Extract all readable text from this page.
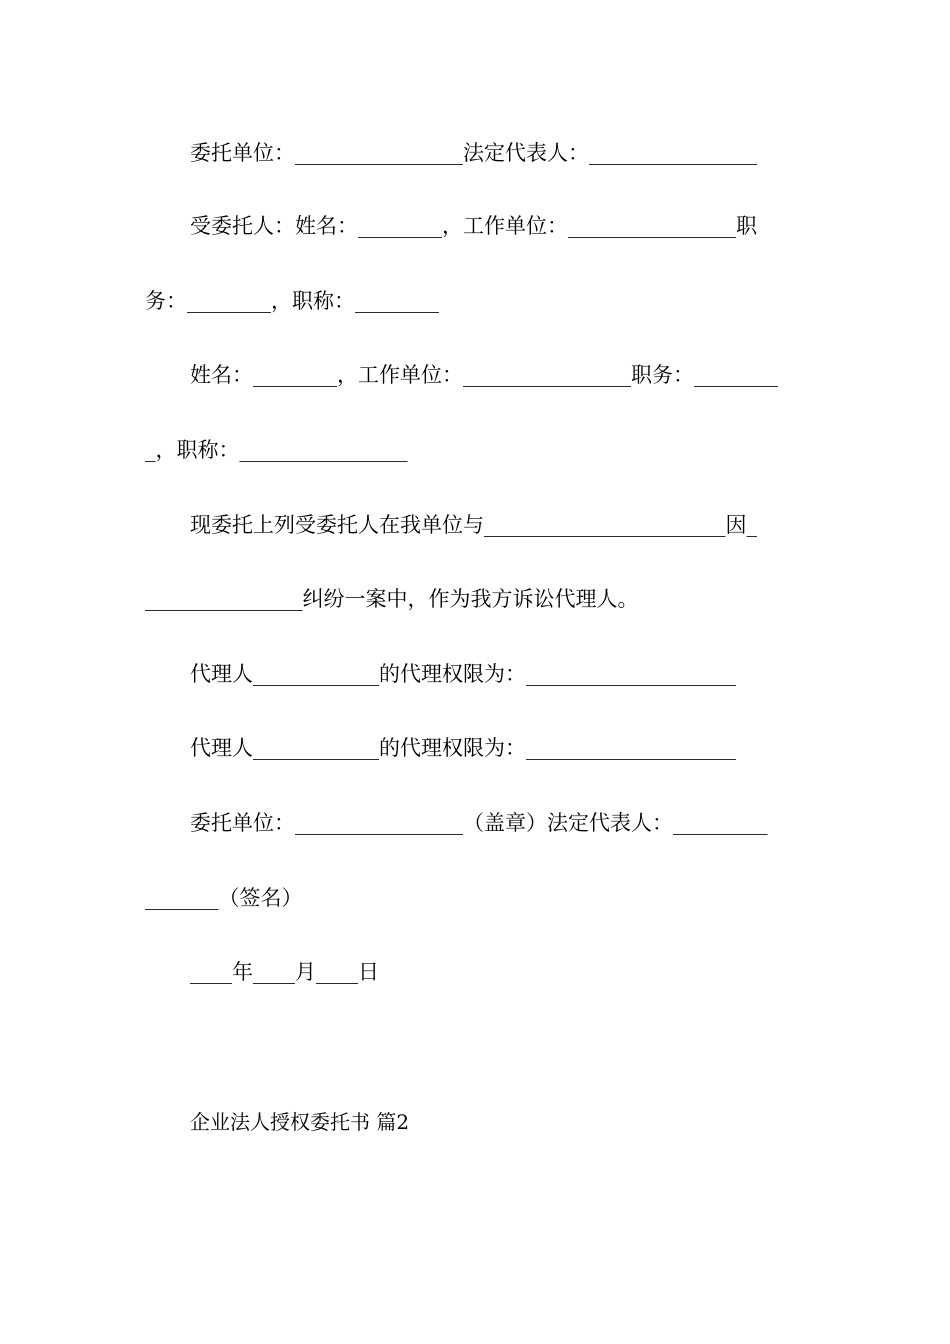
委托单位：________________法定代表人：________________
受委托人：姓名：________，工作单位：________________职
务：________，职称：________
姓名：________，工作单位：________________职务：________
_，职称：________________
现委托上列受委托人在我单位与_______________________因_
_______________纠纷一案中，作为我方诉讼代理人。
代理人____________的代理权限为：____________________
代理人____________的代理权限为：____________________
委托单位：________________（盖章）法定代表人：_________
_______（签名）
____年____月____日
企业法人授权委托书 篇2
